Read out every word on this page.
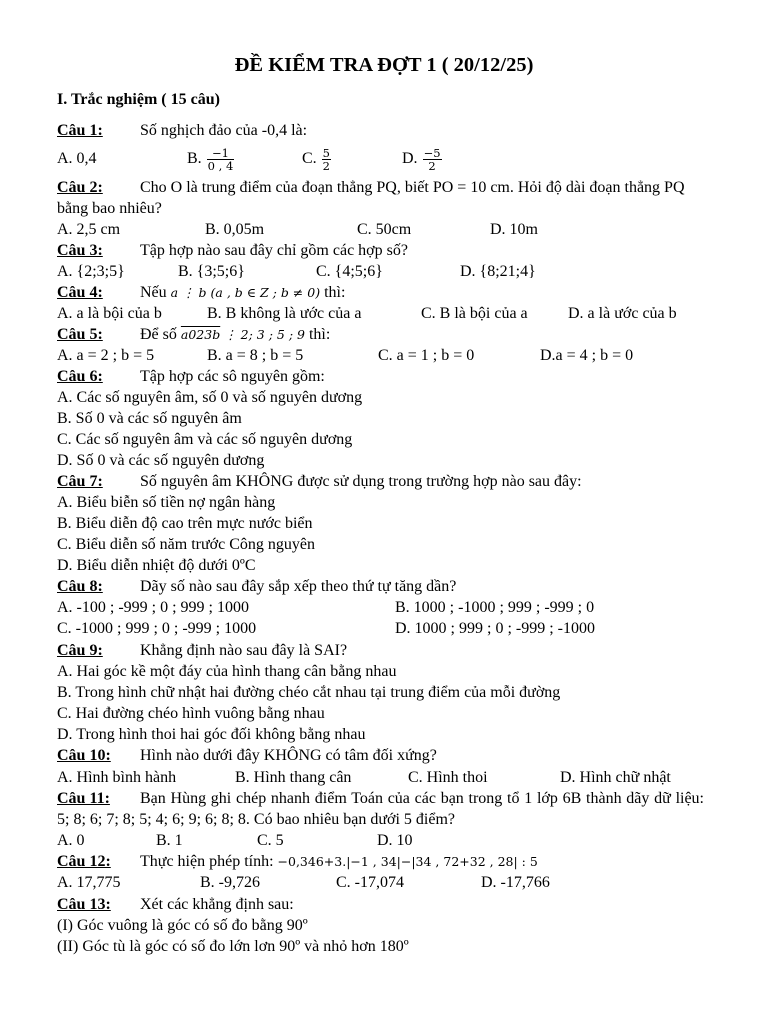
ĐỀ KIỂM TRA ĐỢT 1 ( 20/12/25)
I. Trắc nghiệm ( 15 câu)
Câu 1: Số nghịch đảo của -0,4 là:
A. 0,4	B. $\frac{-1}{0 , 4}$	C. $\frac{5}{2}$	D. $\frac{-5}{2}$
Câu 2: Cho O là trung điểm của đoạn thẳng PQ, biết PO = 10 cm. Hỏi độ dài đoạn thẳng PQ bằng bao nhiêu?
A. 2,5 cm	B. 0,05m	C. 50cm	D. 10m
Câu 3: Tập hợp nào sau đây chỉ gồm các hợp số?
A. {2;3;5}	B. {3;5;6}	C. {4;5;6}	D. {8;21;4}
Câu 4: Nếu a ⋮ b (a , b ∈ Z ; b ≠ 0) thì:
A. a là bội của b	B. B không là ước của a	C. B là bội của a	D. a là ước của b
Câu 5: Để số a023b ⋮ 2; 3 ; 5 ; 9 thì:
A. a = 2 ; b = 5	B. a = 8 ; b = 5	C. a = 1 ; b = 0	D.a = 4 ; b = 0
Câu 6: Tập hợp các sô nguyên gồm:
A. Các số nguyên âm, số 0 và số nguyên dương
B. Số 0 và các số nguyên âm
C. Các số nguyên âm và các số nguyên dương
D. Số 0 và các số nguyên dương
Câu 7: Số nguyên âm KHÔNG được sử dụng trong trường hợp nào sau đây:
A. Biểu biễn số tiền nợ ngân hàng
B. Biểu diễn độ cao trên mực nước biển
C. Biểu diễn số năm trước Công nguyên
D. Biểu diễn nhiệt độ dưới 0ºC
Câu 8: Dãy số nào sau đây sắp xếp theo thứ tự tăng dần?
A. -100 ; -999 ; 0 ; 999 ; 1000	B. 1000 ; -1000 ; 999 ; -999 ; 0
C. -1000 ; 999 ; 0 ; -999 ; 1000	D. 1000 ; 999 ; 0 ; -999 ; -1000
Câu 9: Khẳng định nào sau đây là SAI?
A. Hai góc kề một đáy của hình thang cân bằng nhau
B. Trong hình chữ nhật hai đường chéo cắt nhau tại trung điểm của mỗi đường
C. Hai đường chéo hình vuông bằng nhau
D. Trong hình thoi hai góc đối không bằng nhau
Câu 10: Hình nào dưới đây KHÔNG có tâm đối xứng?
A. Hình bình hành	B. Hình thang cân	C. Hình thoi	D. Hình chữ nhật
Câu 11: Bạn Hùng ghi chép nhanh điểm Toán của các bạn trong tổ 1 lớp 6B thành dãy dữ liệu: 5; 8; 6; 7; 8; 5; 4; 6; 9; 6; 8; 8. Có bao nhiêu bạn dưới 5 điểm?
A. 0	B. 1	C. 5	D. 10
Câu 12: Thực hiện phép tính: −0,346+3.|−1 , 34|−|34 , 72+32 , 28| : 5
A. 17,775	B. -9,726	C. -17,074	D. -17,766
Câu 13: Xét các khẳng định sau:
(I) Góc vuông là góc có số đo bằng 90º
(II) Góc tù là góc có số đo lớn lơn 90º và nhỏ hơn 180º
